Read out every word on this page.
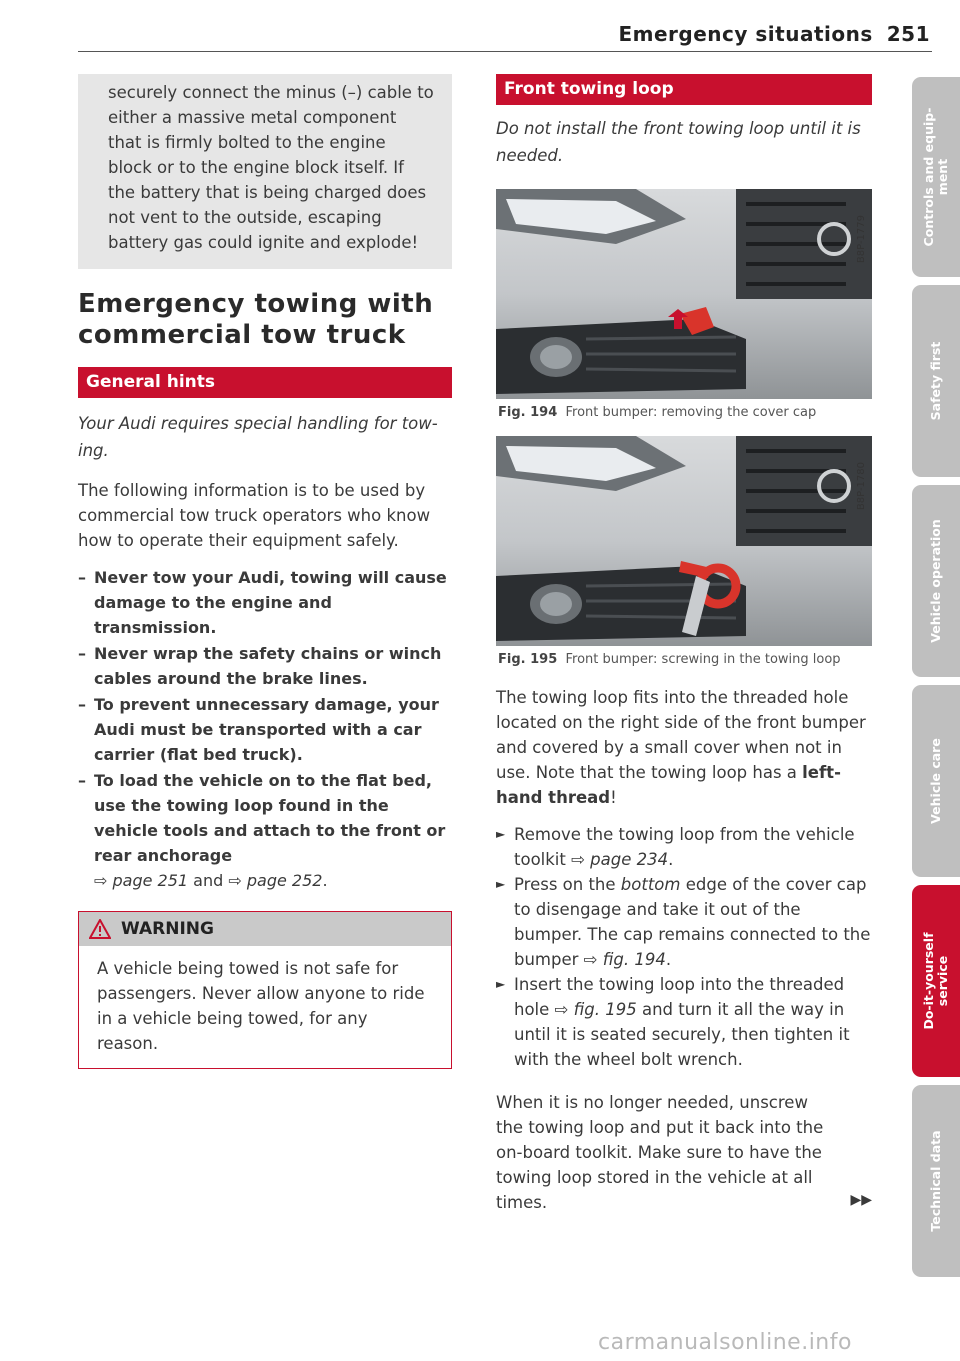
Emergency situations 251
securely connect the minus (–) cable to either a massive metal component that is firmly bolted to the engine block or to the engine block itself. If the battery that is being charged does not vent to the outside, escaping battery gas could ignite and explode!
Emergency towing with commercial tow truck
General hints
Your Audi requires special handling for towing.

The following information is to be used by commercial tow truck operators who know how to operate their equipment safely.

– Never tow your Audi, towing will cause damage to the engine and transmission.
– Never wrap the safety chains or winch cables around the brake lines.
– To prevent unnecessary damage, your Audi must be transported with a car carrier (flat bed truck).
– To load the vehicle on to the flat bed, use the towing loop found in the vehicle tools and attach to the front or rear anchorage
⇨ page 251 and ⇨ page 252.
WARNING
A vehicle being towed is not safe for passengers. Never allow anyone to ride in a vehicle being towed, for any reason.
Front towing loop
Do not install the front towing loop until it is needed.
B8P-1779
Fig. 194 Front bumper: removing the cover cap
B8P-1780
Fig. 195 Front bumper: screwing in the towing loop

The towing loop fits into the threaded hole located on the right side of the front bumper and covered by a small cover when not in use. Note that the towing loop has a left-hand thread!

► Remove the towing loop from the vehicle toolkit ⇨ page 234.
► Press on the bottom edge of the cover cap to disengage and take it out of the bumper. The cap remains connected to the bumper ⇨ fig. 194.
► Insert the towing loop into the threaded hole ⇨ fig. 195 and turn it all the way in until it is seated securely, then tighten it with the wheel bolt wrench.

When it is no longer needed, unscrew the towing loop and put it back into the on-board toolkit. Make sure to have the towing loop stored in the vehicle at all times.	▶▶

Controls and equipment
Safety first
Vehicle operation
Vehicle care
Do-it-yourself service
Technical data
carmanualsonline.info
